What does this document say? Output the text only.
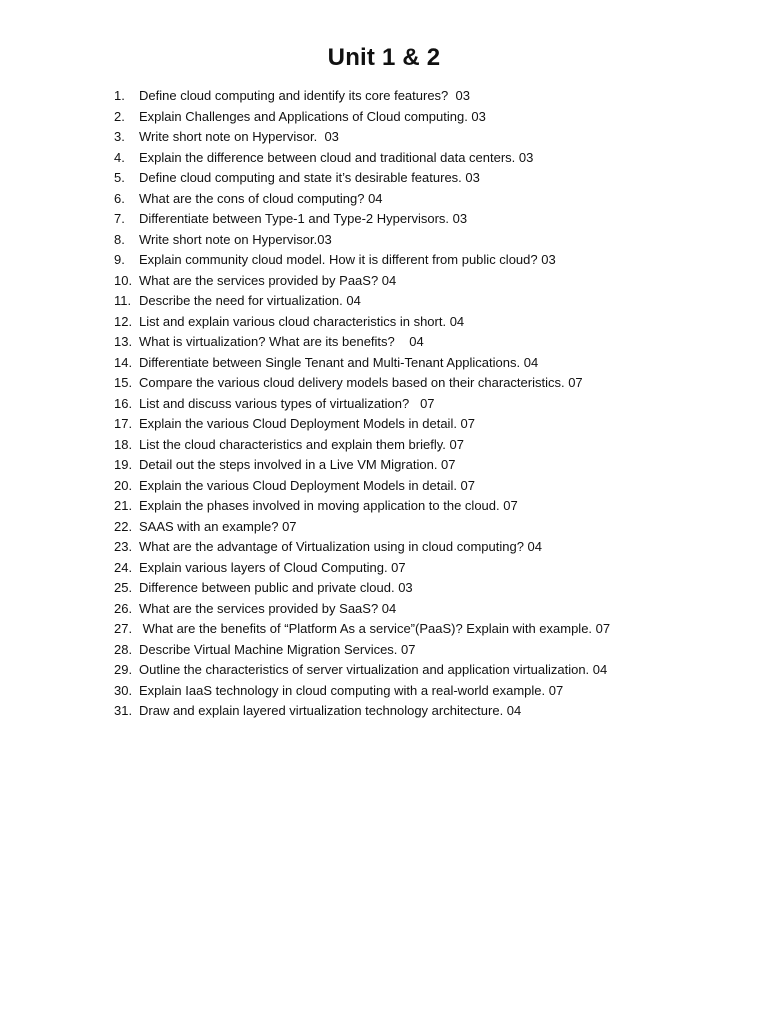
Unit 1 & 2
1.	Define cloud computing and identify its core features?  03
2.	Explain Challenges and Applications of Cloud computing. 03
3.	Write short note on Hypervisor.  03
4.	Explain the difference between cloud and traditional data centers. 03
5.	Define cloud computing and state it’s desirable features. 03
6.	What are the cons of cloud computing? 04
7.	Differentiate between Type-1 and Type-2 Hypervisors. 03
8.	Write short note on Hypervisor.03
9.	Explain community cloud model. How it is different from public cloud? 03
10. What are the services provided by PaaS? 04
11. Describe the need for virtualization. 04
12. List and explain various cloud characteristics in short. 04
13. What is virtualization? What are its benefits?    04
14. Differentiate between Single Tenant and Multi-Tenant Applications. 04
15. Compare the various cloud delivery models based on their characteristics. 07
16. List and discuss various types of virtualization?   07
17. Explain the various Cloud Deployment Models in detail. 07
18. List the cloud characteristics and explain them briefly. 07
19. Detail out the steps involved in a Live VM Migration. 07
20. Explain the various Cloud Deployment Models in detail. 07
21. Explain the phases involved in moving application to the cloud. 07
22. SAAS with an example? 07
23. What are the advantage of Virtualization using in cloud computing? 04
24. Explain various layers of Cloud Computing. 07
25. Difference between public and private cloud. 03
26. What are the services provided by SaaS? 04
27. What are the benefits of “Platform As a service”(PaaS)? Explain with example. 07
28. Describe Virtual Machine Migration Services. 07
29. Outline the characteristics of server virtualization and application virtualization. 04
30. Explain IaaS technology in cloud computing with a real-world example. 07
31. Draw and explain layered virtualization technology architecture. 04
